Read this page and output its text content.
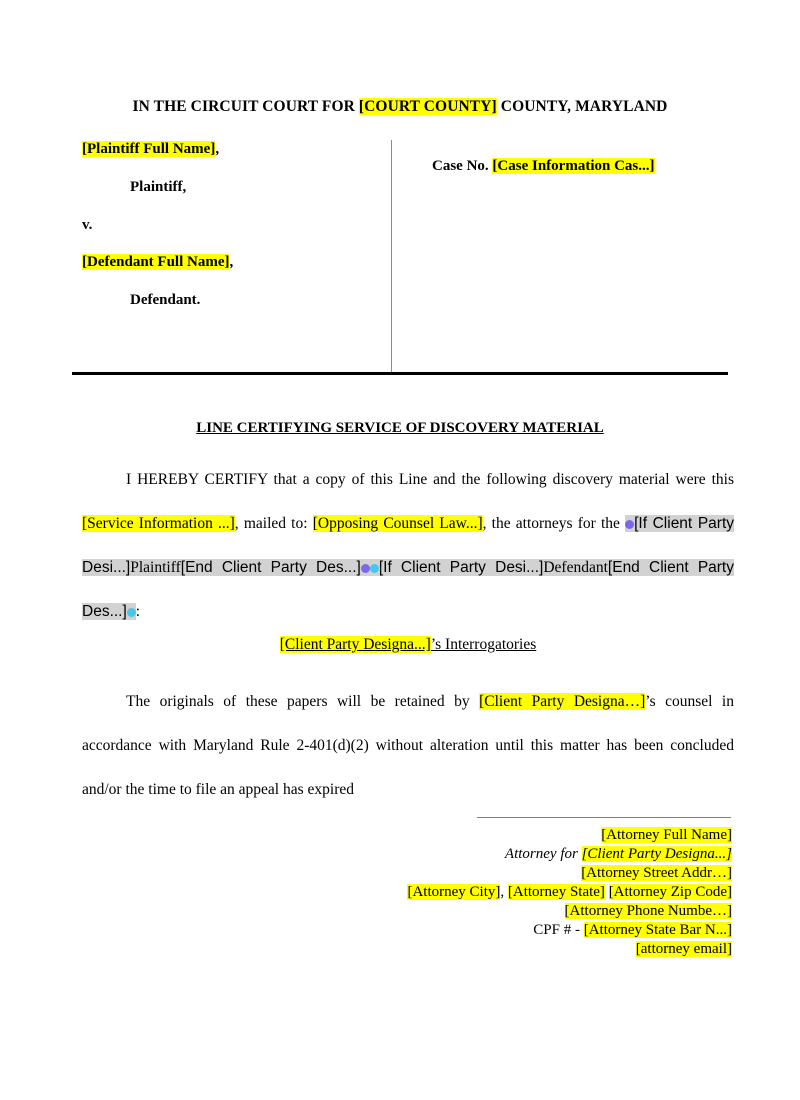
IN THE CIRCUIT COURT FOR [COURT COUNTY] COUNTY, MARYLAND
[Plaintiff Full Name],
Plaintiff,
v.
[Defendant Full Name],
Defendant.
Case No. [Case Information Cas...]
LINE CERTIFYING SERVICE OF DISCOVERY MATERIAL

I HEREBY CERTIFY that a copy of this Line and the following discovery material were this [Service Information ...], mailed to: [Opposing Counsel Law...], the attorneys for the [If Client Party Desi...]Plaintiff[End Client Party Des...] [If Client Party Desi...]Defendant[End Client Party Des...] :

[Client Party Designa...]’s Interrogatories

The originals of these papers will be retained by [Client Party Designa…]’s counsel in accordance with Maryland Rule 2-401(d)(2) without alteration until this matter has been concluded and/or the time to file an appeal has expired

[Attorney Full Name]
Attorney for [Client Party Designa...]
[Attorney Street Addr…]
[Attorney City], [Attorney State] [Attorney Zip Code]
[Attorney Phone Numbe…]
CPF # - [Attorney State Bar N...]
[attorney email]
